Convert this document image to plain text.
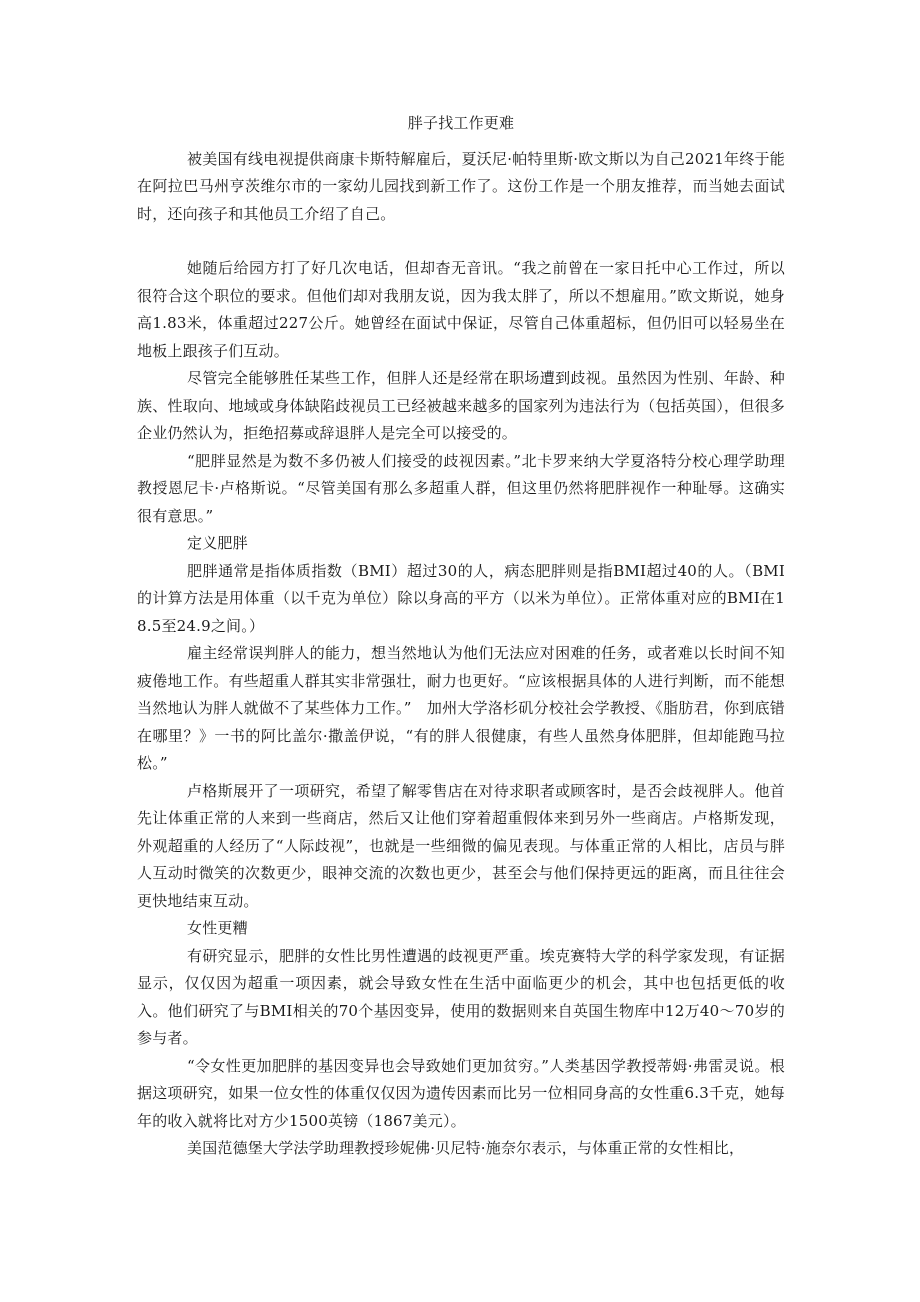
胖子找工作更难

被美国有线电视提供商康卡斯特解雇后，夏沃尼·帕特里斯·欧文斯以为自己2021年终于能在阿拉巴马州亨茨维尔市的一家幼儿园找到新工作了。这份工作是一个朋友推荐，而当她去面试时，还向孩子和其他员工介绍了自己。

她随后给园方打了好几次电话，但却杳无音讯。“我之前曾在一家日托中心工作过，所以很符合这个职位的要求。但他们却对我朋友说，因为我太胖了，所以不想雇用。”欧文斯说，她身高1.83米，体重超过227公斤。她曾经在面试中保证，尽管自己体重超标，但仍旧可以轻易坐在地板上跟孩子们互动。

尽管完全能够胜任某些工作，但胖人还是经常在职场遭到歧视。虽然因为性别、年龄、种族、性取向、地域或身体缺陷歧视员工已经被越来越多的国家列为违法行为（包括英国），但很多企业仍然认为，拒绝招募或辞退胖人是完全可以接受的。

“肥胖显然是为数不多仍被人们接受的歧视因素。”北卡罗来纳大学夏洛特分校心理学助理教授恩尼卡·卢格斯说。“尽管美国有那么多超重人群，但这里仍然将肥胖视作一种耻辱。这确实很有意思。”

定义肥胖

肥胖通常是指体质指数（BMI）超过30的人，病态肥胖则是指BMI超过40的人。（BMI的计算方法是用体重（以千克为单位）除以身高的平方（以米为单位）。正常体重对应的BMI在18.5至24.9之间。）

雇主经常误判胖人的能力，想当然地认为他们无法应对困难的任务，或者难以长时间不知疲倦地工作。有些超重人群其实非常强壮，耐力也更好。“应该根据具体的人进行判断，而不能想当然地认为胖人就做不了某些体力工作。”　加州大学洛杉矶分校社会学教授、《脂肪君，你到底错在哪里？》一书的阿比盖尔·撒盖伊说，“有的胖人很健康，有些人虽然身体肥胖，但却能跑马拉松。”

卢格斯展开了一项研究，希望了解零售店在对待求职者或顾客时，是否会歧视胖人。他首先让体重正常的人来到一些商店，然后又让他们穿着超重假体来到另外一些商店。卢格斯发现，外观超重的人经历了“人际歧视”，也就是一些细微的偏见表现。与体重正常的人相比，店员与胖人互动时微笑的次数更少，眼神交流的次数也更少，甚至会与他们保持更远的距离，而且往往会更快地结束互动。

女性更糟

有研究显示，肥胖的女性比男性遭遇的歧视更严重。埃克赛特大学的科学家发现，有证据显示，仅仅因为超重一项因素，就会导致女性在生活中面临更少的机会，其中也包括更低的收入。他们研究了与BMI相关的70个基因变异，使用的数据则来自英国生物库中12万40～70岁的参与者。

“令女性更加肥胖的基因变异也会导致她们更加贫穷。”人类基因学教授蒂姆·弗雷灵说。根据这项研究，如果一位女性的体重仅仅因为遗传因素而比另一位相同身高的女性重6.3千克，她每年的收入就将比对方少1500英镑（1867美元）。

美国范德堡大学法学助理教授珍妮佛·贝尼特·施奈尔表示，与体重正常的女性相比，
